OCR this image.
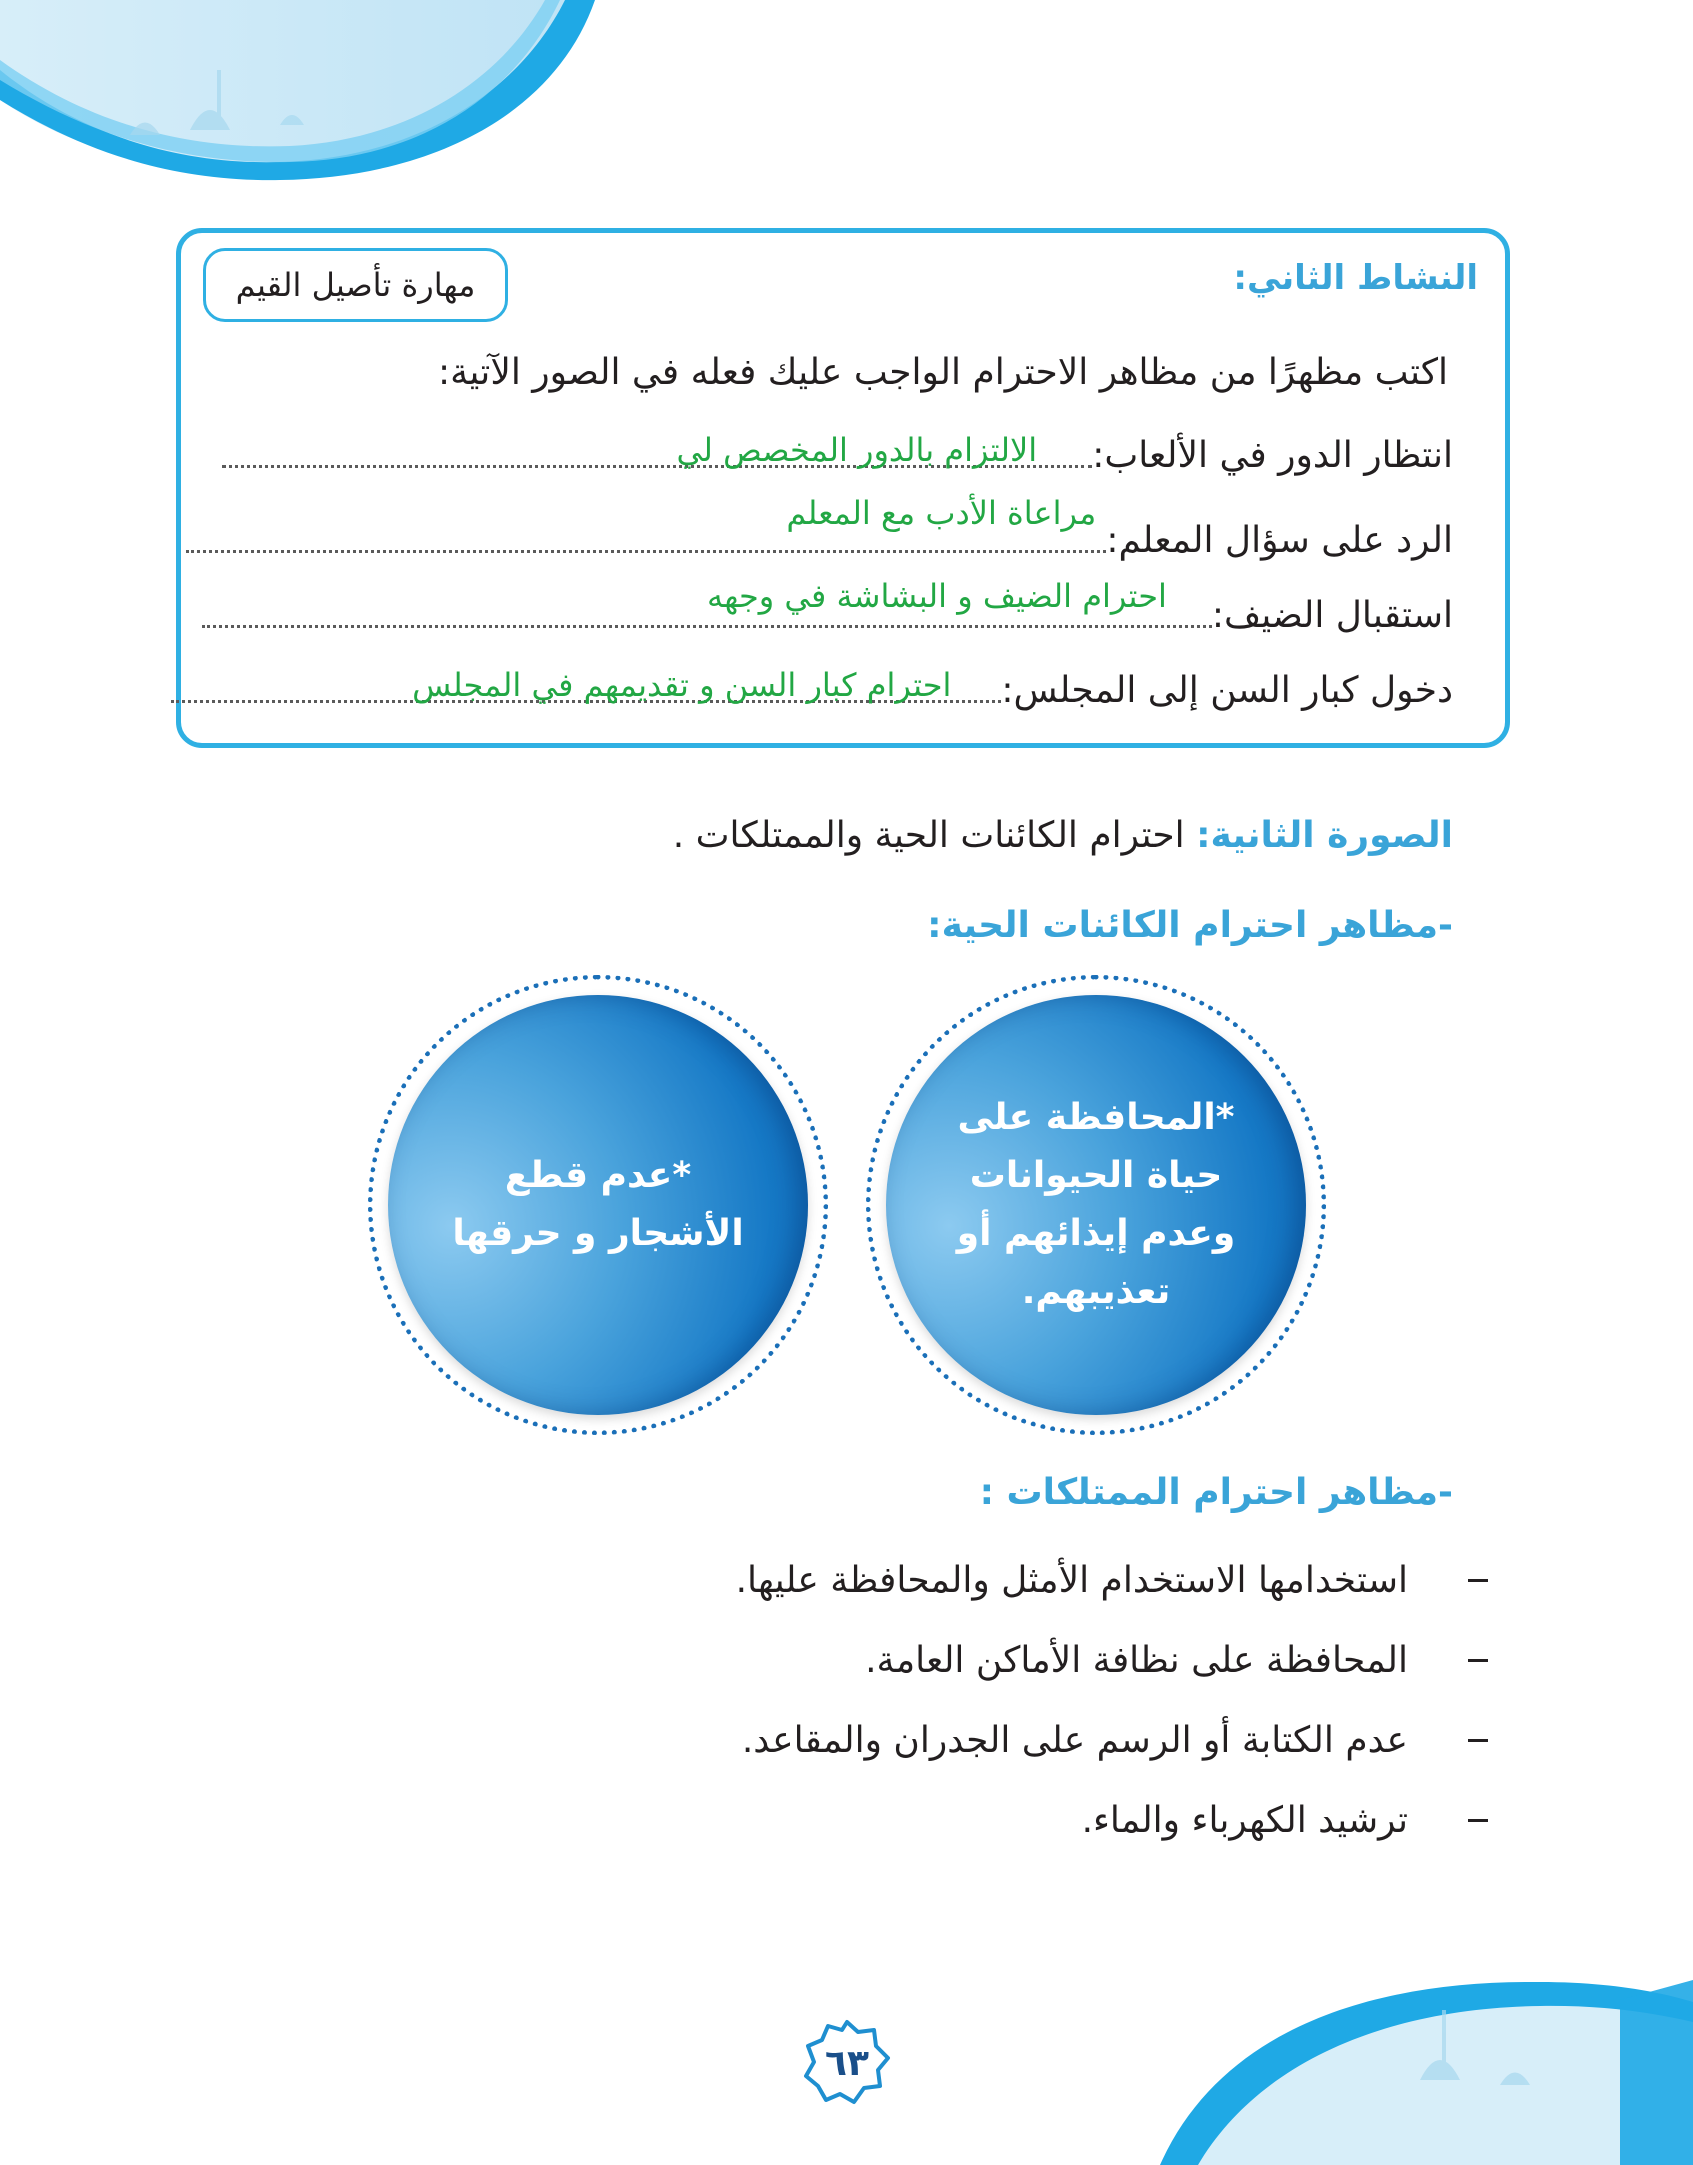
النشاط الثاني:
مهارة تأصيل القيم
اكتب مظهرًا من مظاهر الاحترام الواجب عليك فعله في الصور الآتية:
انتظار الدور في الألعاب:
الالتزام بالدور المخصص لي
الرد على سؤال المعلم:
مراعاة الأدب مع المعلم
استقبال الضيف:
احترام الضيف و البشاشة في وجهه
دخول كبار السن إلى المجلس:
احترام كبار السن و تقديمهم في المجلس
الصورة الثانية: احترام الكائنات الحية والممتلكات .
-مظاهر احترام الكائنات الحية:
*المحافظة على حياة الحيوانات وعدم إيذائهم أو تعذيبهم.
*عدم قطع الأشجار و حرقها
-مظاهر احترام الممتلكات :
استخدامها الاستخدام الأمثل والمحافظة عليها.
المحافظة على نظافة الأماكن العامة.
عدم الكتابة أو الرسم على الجدران والمقاعد.
ترشيد الكهرباء والماء.
٦٣
